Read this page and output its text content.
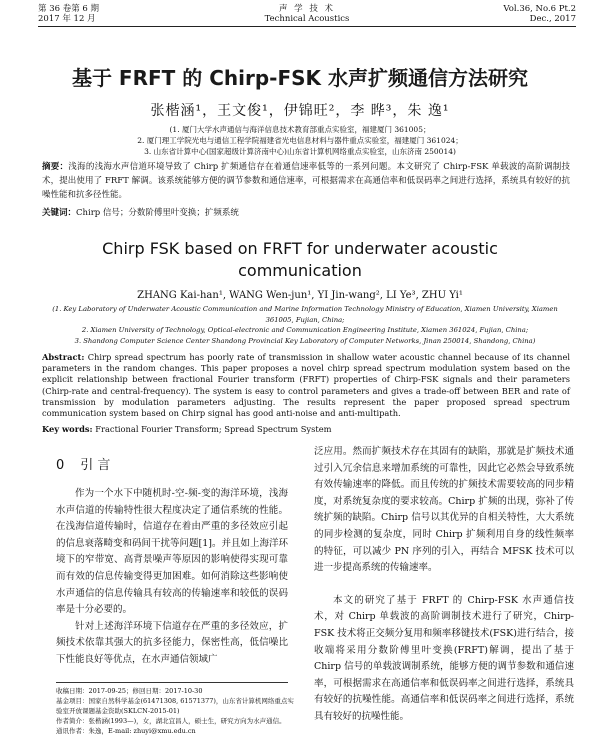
第 36 卷第 6 期
2017 年 12 月
声 学 技 术
Technical Acoustics
Vol.36, No.6 Pt.2
Dec., 2017
基于 FRFT 的 Chirp-FSK 水声扩频通信方法研究
张楷涵¹，王文俊¹，伊锦旺²，李 晔³，朱 逸¹
(1. 厦门大学水声通信与海洋信息技术教育部重点实验室，福建厦门 361005；
2. 厦门理工学院光电与通信工程学院福建省光电信息材料与器件重点实验室，福建厦门 361024；
3. 山东省计算中心(国家超级计算济南中心)山东省计算机网络重点实验室，山东济南 250014)
摘要：浅海的浅海水声信道环境导致了 Chirp 扩频通信存在着通信速率低等的一系列问题。本文研究了 Chirp-FSK 单载波的高阶调制技术，提出使用了 FRFT 解调。该系统能够方便的调节参数和通信速率，可根据需求在高通信率和低误码率之间进行选择，系统具有较好的抗噪性能和抗多径性能。
关键词：Chirp 信号；分数阶傅里叶变换；扩频系统
Chirp FSK based on FRFT for underwater acoustic
communication
ZHANG Kai-han¹, WANG Wen-jun¹, YI Jin-wang², LI Ye³, ZHU Yi¹
(1. Key Laboratory of Underwater Acoustic Communication and Marine Information Technology Ministry of Education, Xiamen University, Xiamen 361005, Fujian, China;
2. Xiamen University of Technology, Optical-electronic and Communication Engineering Institute, Xiamen 361024, Fujian, China;
3. Shandong Computer Science Center Shandong Provincial Key Laboratory of Computer Networks, Jinan 250014, Shandong, China)
Abstract: Chirp spread spectrum has poorly rate of transmission in shallow water acoustic channel because of its channel parameters in the random changes. This paper proposes a novel chirp spread spectrum modulation system based on the explicit relationship between fractional Fourier transform (FRFT) properties of Chirp-FSK signals and their parameters (Chirp-rate and central-frequency). The system is easy to control parameters and gives a trade-off between BER and rate of transmission by modulation parameters adjusting. The results represent the paper proposed spread spectrum communication system based on Chirp signal has good anti-noise and anti-multipath.
Key words: Fractional Fourier Transform; Spread Spectrum System
0 引 言

作为一个水下中随机时-空-频-变的海洋环境，浅海水声信道的传输特性很大程度决定了通信系统的性能。在浅海信道传输时，信道存在着由严重的多径效应引起的信息衰落畸变和码间干扰等问题[1]。并且如上海洋环境下的窄带宽、高背景噪声等原因的影响使得实现可靠而有效的信息传输变得更加困难。如何消除这些影响使水声通信的信息传输具有较高的传输速率和较低的误码率是十分必要的。

针对上述海洋环境下信道存在严重的多径效应，扩频技术依靠其强大的抗多径能力，保密性高，低信噪比下性能良好等优点，在水声通信领域广

泛应用。然而扩频技术存在其固有的缺陷，那就是扩频技术通过引入冗余信息来增加系统的可靠性，因此它必然会导致系统有效传输速率的降低。而且传统的扩频技术需要较高的同步精度，对系统复杂度的要求较高。Chirp 扩频的出现，弥补了传统扩频的缺陷。Chirp 信号以其优异的自相关特性，大大系统的同步检测的复杂度，同时 Chirp 扩频利用自身的线性频率的特征，可以减少 PN 序列的引入，再结合 MFSK 技术可以进一步提高系统的传输速率。

本文的研究了基于 FRFT 的 Chirp-FSK 水声通信技术，对 Chirp 单载波的高阶调制技术进行了研究，Chirp-FSK 技术将正交频分复用和频率移键技术(FSK)进行结合，接收端将采用分数阶傅里叶变换(FRFT)解调，提出了基于 Chirp 信号的单载波调制系统，能够方便的调节参数和通信速率，可根据需求在高通信率和低误码率之间进行选择，系统具有较好的抗噪性能。高通信率和低误码率之间进行选择，系统具有较好的抗噪性能。

收稿日期：2017-09-25；修回日期：2017-10-30
基金项目：国家自然科学基金(61471308, 61571377)，山东省计算机网络重点实验室开放课题基金资助(SKLCN-2015-01)
作者简介：张楷涵(1993—)，女，湖北宜昌人，硕士生，研究方向为水声通信。
通讯作者：朱逸，E-mail: zhuyi@xmu.edu.cn
